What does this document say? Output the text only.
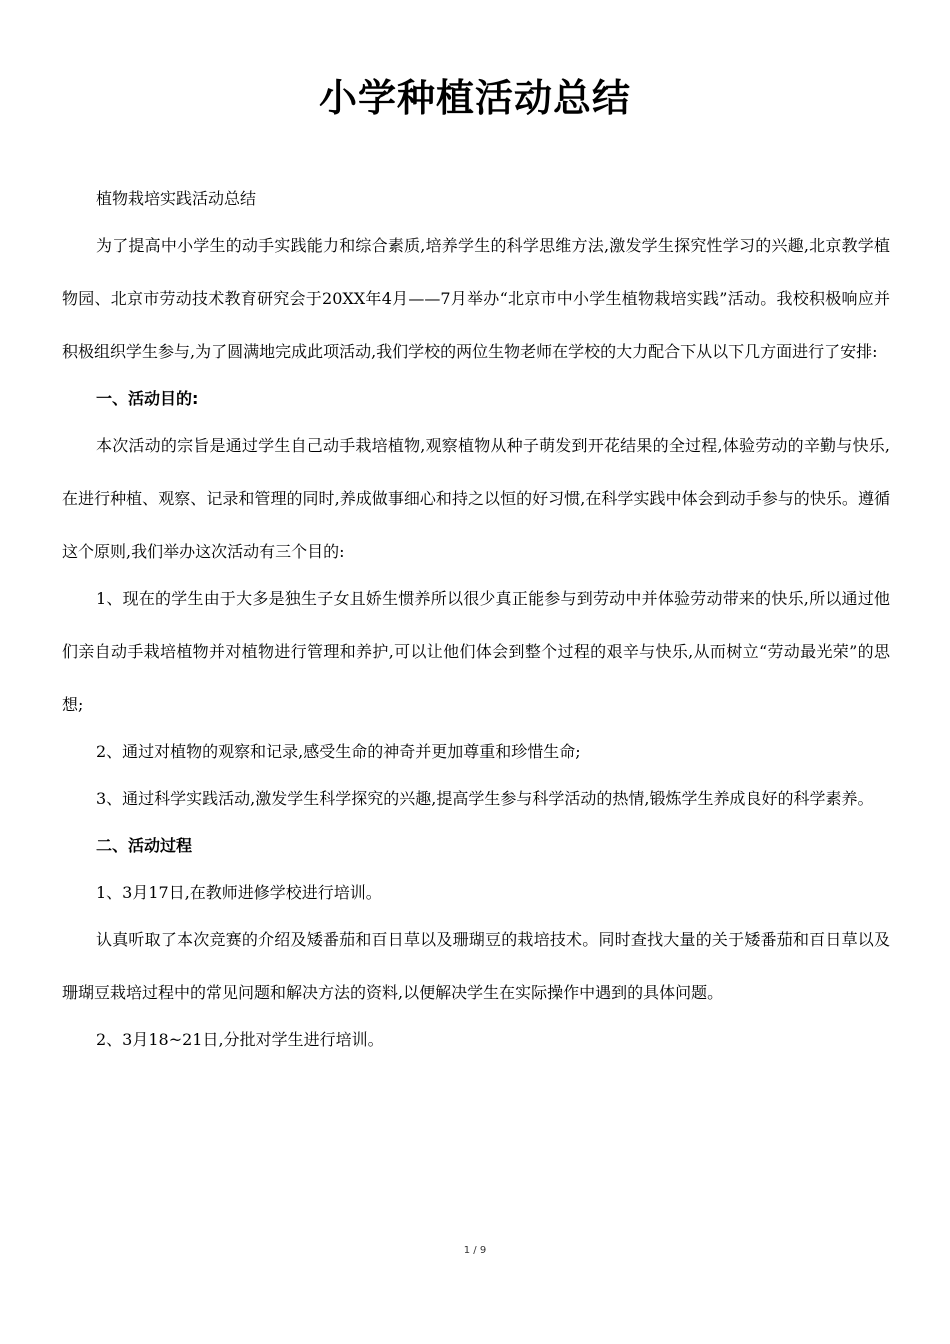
小学种植活动总结

植物栽培实践活动总结

为了提高中小学生的动手实践能力和综合素质,培养学生的科学思维方法,激发学生探究性学习的兴趣,北京教学植物园、北京市劳动技术教育研究会于20XX年4月——7月举办“北京市中小学生植物栽培实践”活动。我校积极响应并积极组织学生参与,为了圆满地完成此项活动,我们学校的两位生物老师在学校的大力配合下从以下几方面进行了安排:

一、活动目的:

本次活动的宗旨是通过学生自己动手栽培植物,观察植物从种子萌发到开花结果的全过程,体验劳动的辛勤与快乐,在进行种植、观察、记录和管理的同时,养成做事细心和持之以恒的好习惯,在科学实践中体会到动手参与的快乐。遵循这个原则,我们举办这次活动有三个目的:

1、现在的学生由于大多是独生子女且娇生惯养所以很少真正能参与到劳动中并体验劳动带来的快乐,所以通过他们亲自动手栽培植物并对植物进行管理和养护,可以让他们体会到整个过程的艰辛与快乐,从而树立“劳动最光荣”的思想;

2、通过对植物的观察和记录,感受生命的神奇并更加尊重和珍惜生命;

3、通过科学实践活动,激发学生科学探究的兴趣,提高学生参与科学活动的热情,锻炼学生养成良好的科学素养。

二、活动过程

1、3月17日,在教师进修学校进行培训。

认真听取了本次竞赛的介绍及矮番茄和百日草以及珊瑚豆的栽培技术。同时查找大量的关于矮番茄和百日草以及珊瑚豆栽培过程中的常见问题和解决方法的资料,以便解决学生在实际操作中遇到的具体问题。

2、3月18~21日,分批对学生进行培训。

1 / 9
